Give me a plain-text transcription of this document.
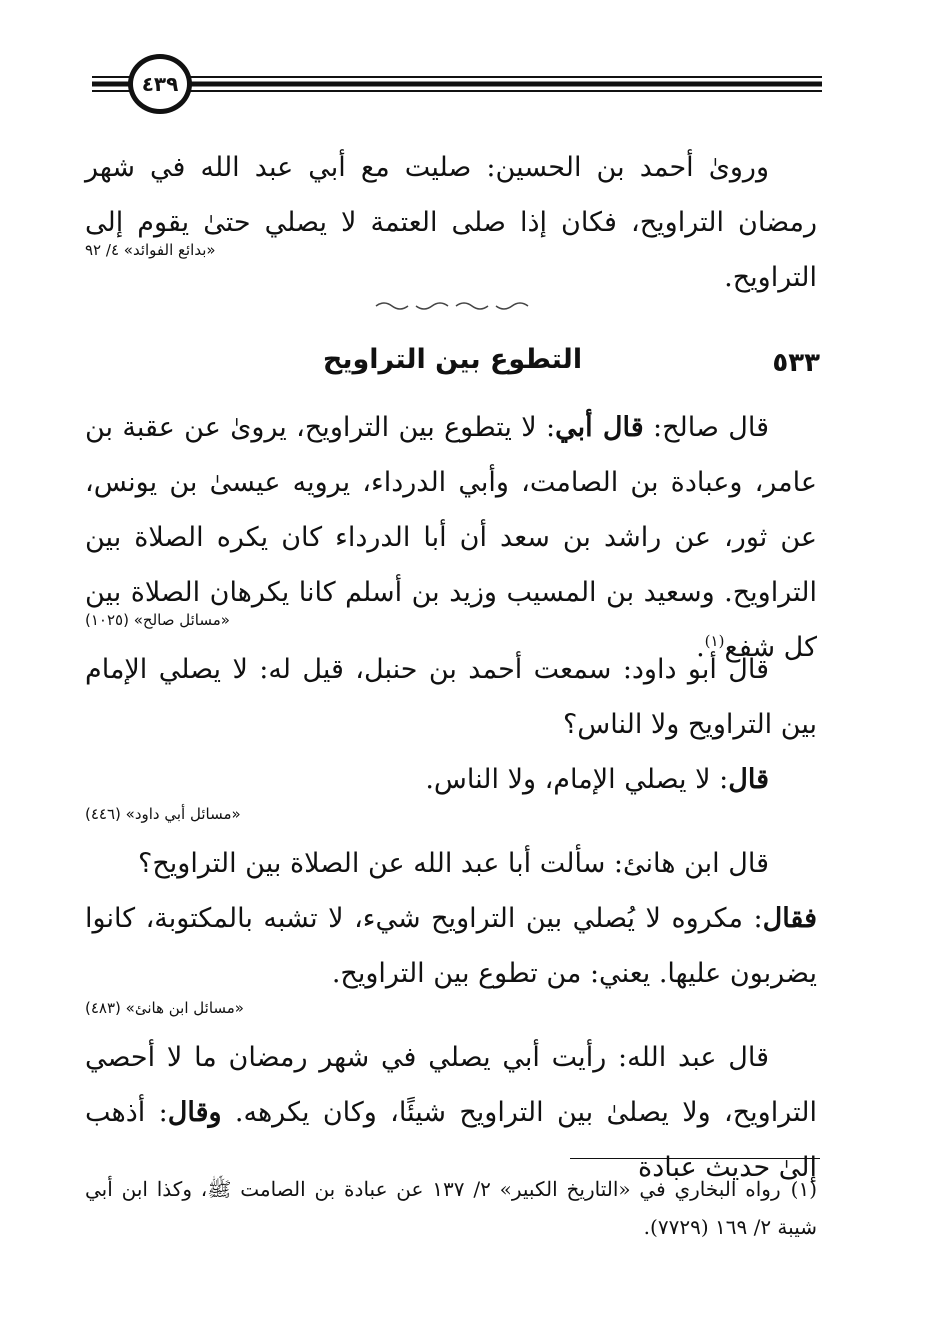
٤٣٩

ورویٰ أحمد بن الحسين: صليت مع أبي عبد الله في شهر رمضان التراويح، فكان إذا صلى العتمة لا يصلي حتىٰ يقوم إلى التراويح.

«بدائع الفوائد» ٤/ ٩٢
٥٣٣
التطوع بين التراويح

قال صالح: قال أبي: لا يتطوع بين التراويح، يرویٰ عن عقبة بن عامر، وعبادة بن الصامت، وأبي الدرداء، يرويه عيسىٰ بن يونس، عن ثور، عن راشد بن سعد أن أبا الدرداء كان يكره الصلاة بين التراويح. وسعيد بن المسيب وزيد بن أسلم كانا يكرهان الصلاة بين كل شفع$^{(١)}$.

«مسائل صالح» (١٠٢٥)

قال أبو داود: سمعت أحمد بن حنبل، قيل له: لا يصلي الإمام بين التراويح ولا الناس؟

قال: لا يصلي الإمام، ولا الناس.

«مسائل أبي داود» (٤٤٦)

قال ابن هانئ: سألت أبا عبد الله عن الصلاة بين التراويح؟

فقال: مكروه لا يُصلي بين التراويح شيء، لا تشبه بالمكتوبة، كانوا يضربون عليها. يعني: من تطوع بين التراويح.

«مسائل ابن هانئ» (٤٨٣)

قال عبد الله: رأيت أبي يصلي في شهر رمضان ما لا أحصي التراويح، ولا يصلىٰ بين التراويح شيئًا، وكان يكرهه. وقال: أذهب إلىٰ حديث عبادة

(١)رواه البخاري في «التاريخ الكبير» ٢/ ١٣٧ عن عبادة بن الصامت ﷺ، وكذا ابن أبي شيبة ٢/ ١٦٩ (٧٧٢٩).
